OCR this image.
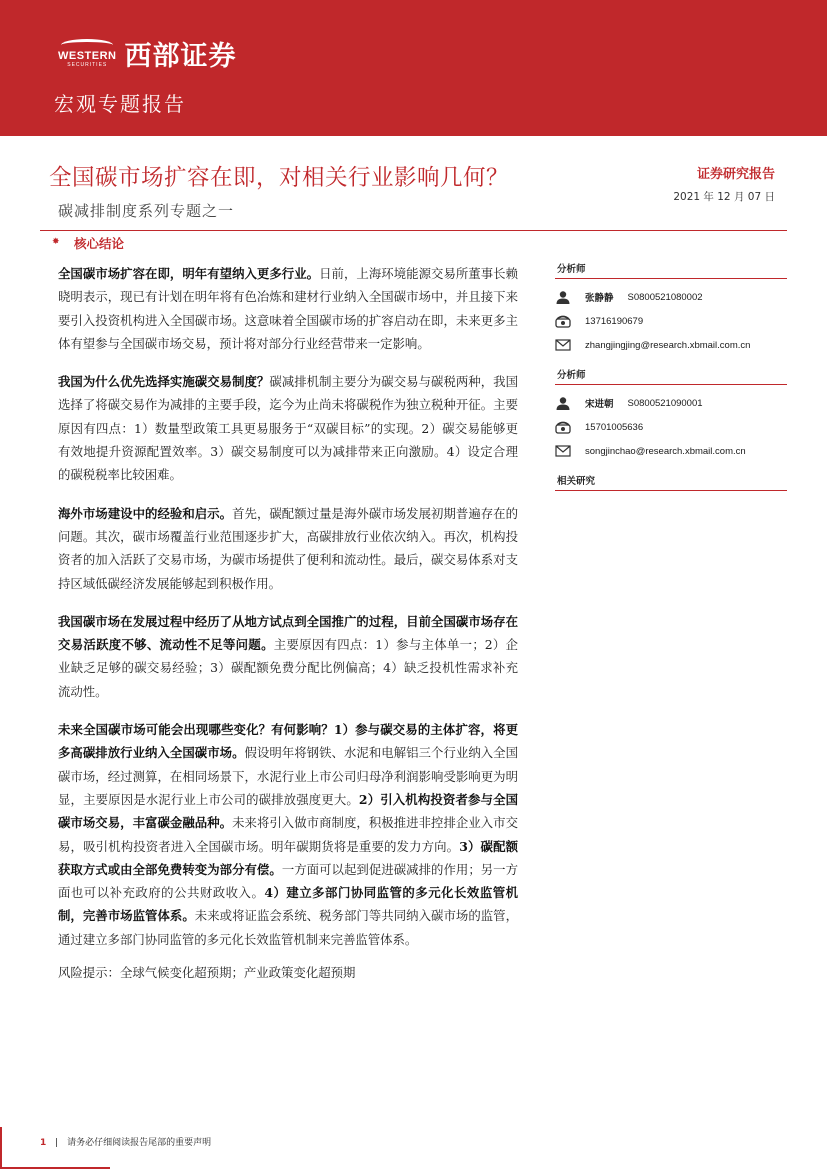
WESTERN
SECURITIES 西部证券
宏观专题报告
全国碳市场扩容在即，对相关行业影响几何？
碳减排制度系列专题之一
证券研究报告
2021 年 12 月 07 日
✸ 核心结论

全国碳市场扩容在即，明年有望纳入更多行业。日前，上海环境能源交易所董事长赖晓明表示，现已有计划在明年将有色冶炼和建材行业纳入全国碳市场中，并且接下来要引入投资机构进入全国碳市场。这意味着全国碳市场的扩容启动在即，未来更多主体有望参与全国碳市场交易，预计将对部分行业经营带来一定影响。

我国为什么优先选择实施碳交易制度？碳减排机制主要分为碳交易与碳税两种，我国选择了将碳交易作为减排的主要手段，迄今为止尚未将碳税作为独立税种开征。主要原因有四点：1）数量型政策工具更易服务于“双碳目标”的实现。2）碳交易能够更有效地提升资源配置效率。3）碳交易制度可以为减排带来正向激励。4）设定合理的碳税税率比较困难。

海外市场建设中的经验和启示。首先，碳配额过量是海外碳市场发展初期普遍存在的问题。其次，碳市场覆盖行业范围逐步扩大，高碳排放行业依次纳入。再次，机构投资者的加入活跃了交易市场，为碳市场提供了便利和流动性。最后，碳交易体系对支持区域低碳经济发展能够起到积极作用。

我国碳市场在发展过程中经历了从地方试点到全国推广的过程，目前全国碳市场存在交易活跃度不够、流动性不足等问题。主要原因有四点：1）参与主体单一；2）企业缺乏足够的碳交易经验；3）碳配额免费分配比例偏高；4）缺乏投机性需求补充流动性。

未来全国碳市场可能会出现哪些变化？有何影响？1）参与碳交易的主体扩容，将更多高碳排放行业纳入全国碳市场。假设明年将钢铁、水泥和电解铝三个行业纳入全国碳市场，经过测算，在相同场景下，水泥行业上市公司归母净利润影响受影响更为明显，主要原因是水泥行业上市公司的碳排放强度更大。2）引入机构投资者参与全国碳市场交易，丰富碳金融品种。未来将引入做市商制度，积极推进非控排企业入市交易，吸引机构投资者进入全国碳市场。明年碳期货将是重要的发力方向。3）碳配额获取方式或由全部免费转变为部分有偿。一方面可以起到促进碳减排的作用；另一方面也可以补充政府的公共财政收入。4）建立多部门协同监管的多元化长效监管机制，完善市场监管体系。未来或将证监会系统、税务部门等共同纳入碳市场的监管，通过建立多部门协同监管的多元化长效监管机制来完善监管体系。

风险提示：全球气候变化超预期；产业政策变化超预期

分析师
张静静 S0800521080002
13716190679
zhangjingjing@research.xbmail.com.cn
分析师
宋进朝 S0800521090001
15701005636
songjinchao@research.xbmail.com.cn
相关研究
1 | 请务必仔细阅读报告尾部的重要声明
